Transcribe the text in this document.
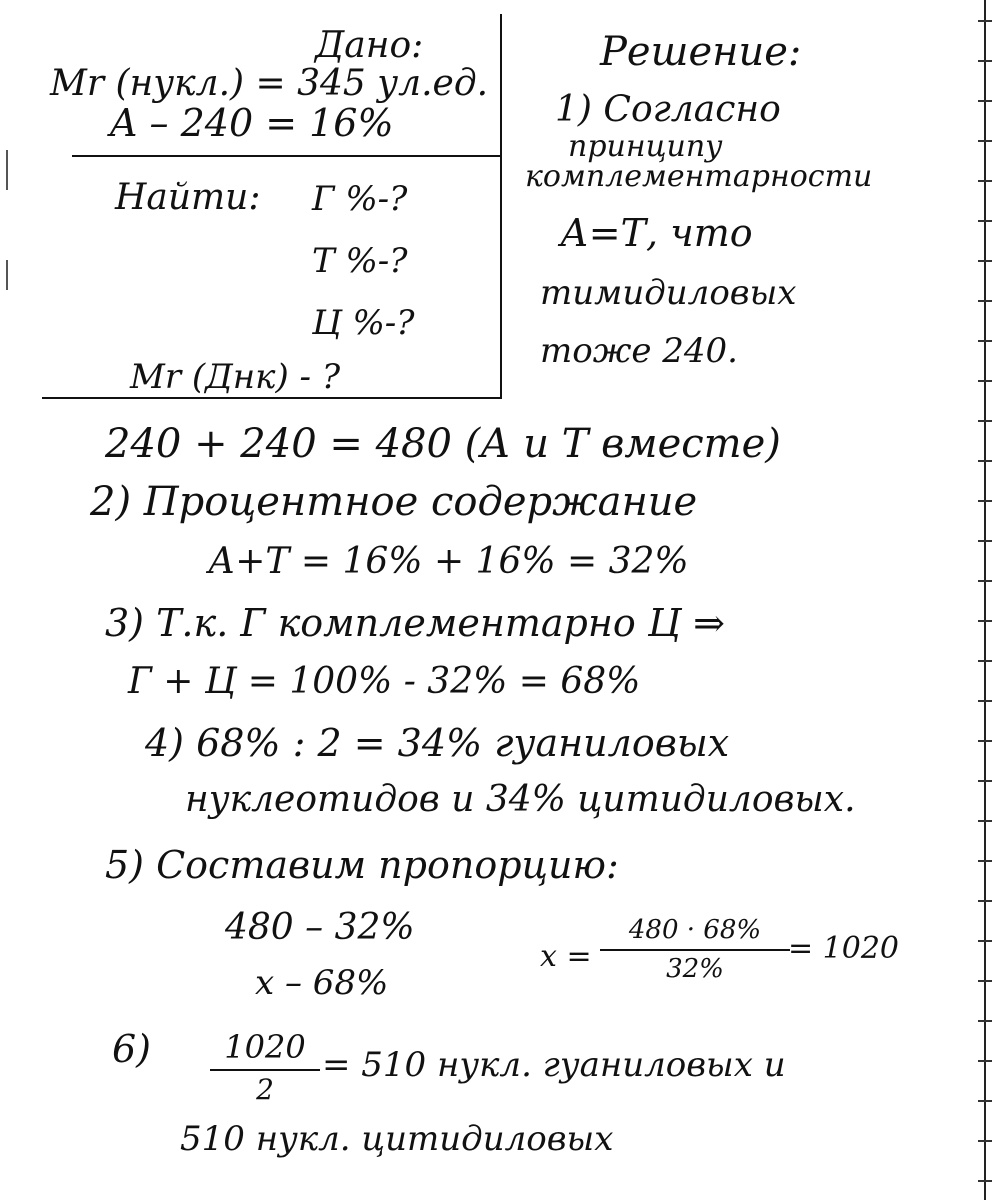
Дано:

Mr (нукл.) = 345 ул.ед.

A – 240 = 16%

Найти: Г %-?

Т %-?

Ц %-?

Mr (Днк) - ?

Решение:

1) Согласно

принципу

комплементарности

А=Т, что

тимидиловых

тоже 240.

240 + 240 = 480 (А и Т вместе)

2) Процентное содержание

А+Т = 16% + 16% = 32%

3) Т.к. Г комплементарно Ц ⇒

Г + Ц = 100% - 32% = 68%

4) 68% : 2 = 34% гуаниловых

нуклеотидов и 34% цитидиловых.

5) Составим пропорцию:

480 – 32%

x – 68%

x =

480 · 68%
32%

= 1020

6) 1020
2

= 510 нукл. гуаниловых и

510 нукл. цитидиловых
